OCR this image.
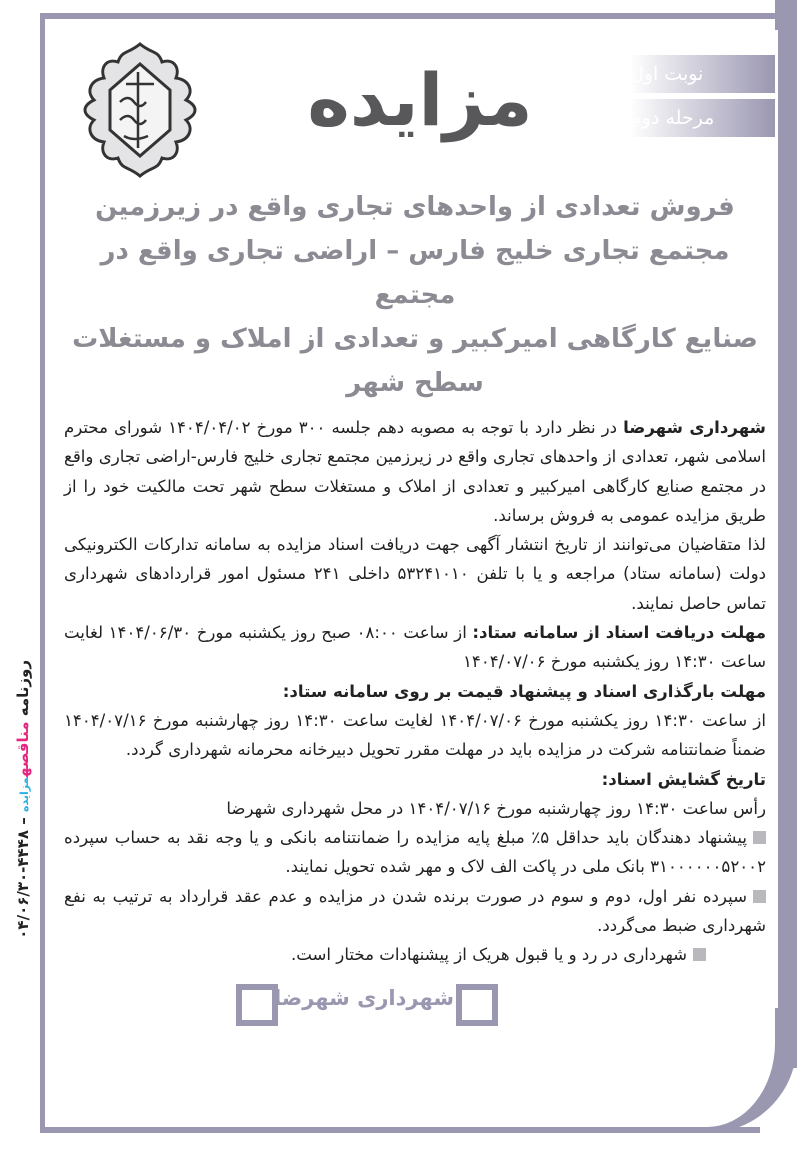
نوبت اول
مرحله دوم
مزایده
روزنامه مناقصهمزایده – ۴۴۴۸-۰۴/۰۶/۳۰
فروش تعدادی از واحدهای تجاری واقع در زیرزمین
مجتمع تجاری خلیج فارس – اراضی تجاری واقع در مجتمع
صنایع کارگاهی امیرکبیر و تعدادی از املاک و مستغلات سطح شهر

شهرداری شهرضا در نظر دارد با توجه به مصوبه دهم جلسه ۳۰۰ مورخ ۱۴۰۴/۰۴/۰۲ شورای محترم اسلامی شهر، تعدادی از واحدهای تجاری واقع در زیرزمین مجتمع تجاری خلیج فارس-اراضی تجاری واقع در مجتمع صنایع کارگاهی امیرکبیر و تعدادی از املاک و مستغلات سطح شهر تحت مالکیت خود را از طریق مزایده عمومی به فروش برساند.

لذا متقاضیان می‌توانند از تاریخ انتشار آگهی جهت دریافت اسناد مزایده به سامانه تدارکات الکترونیکی دولت (سامانه ستاد) مراجعه و یا با تلفن ۵۳۲۴۱۰۱۰ داخلی ۲۴۱ مسئول امور قراردادهای شهرداری تماس حاصل نمایند.

مهلت دریافت اسناد از سامانه ستاد: از ساعت ۰۸:۰۰ صبح روز یکشنبه مورخ ۱۴۰۴/۰۶/۳۰ لغایت ساعت ۱۴:۳۰ روز یکشنبه مورخ ۱۴۰۴/۰۷/۰۶

مهلت بارگذاری اسناد و پیشنهاد قیمت بر روی سامانه ستاد:

از ساعت ۱۴:۳۰ روز یکشنبه مورخ ۱۴۰۴/۰۷/۰۶ لغایت ساعت ۱۴:۳۰ روز چهارشنبه مورخ ۱۴۰۴/۰۷/۱۶ ضمناً ضمانتنامه شرکت در مزایده باید در مهلت مقرر تحویل دبیرخانه محرمانه شهرداری گردد.

تاریخ گشایش اسناد:

رأس ساعت ۱۴:۳۰ روز چهارشنبه مورخ ۱۴۰۴/۰۷/۱۶ در محل شهرداری شهرضا

پیشنهاد دهندگان باید حداقل ۵٪ مبلغ پایه مزایده را ضمانتنامه بانکی و یا وجه نقد به حساب سپرده ۳۱۰۰۰۰۰۰۵۲۰۰۲ بانک ملی در پاکت الف لاک و مهر شده تحویل نمایند.

سپرده نفر اول، دوم و سوم در صورت برنده شدن در مزایده و عدم عقد قرارداد به ترتیب به نفع شهرداری ضبط می‌گردد.

شهرداری در رد و یا قبول هریک از پیشنهادات مختار است.

شهرداری شهرضا
